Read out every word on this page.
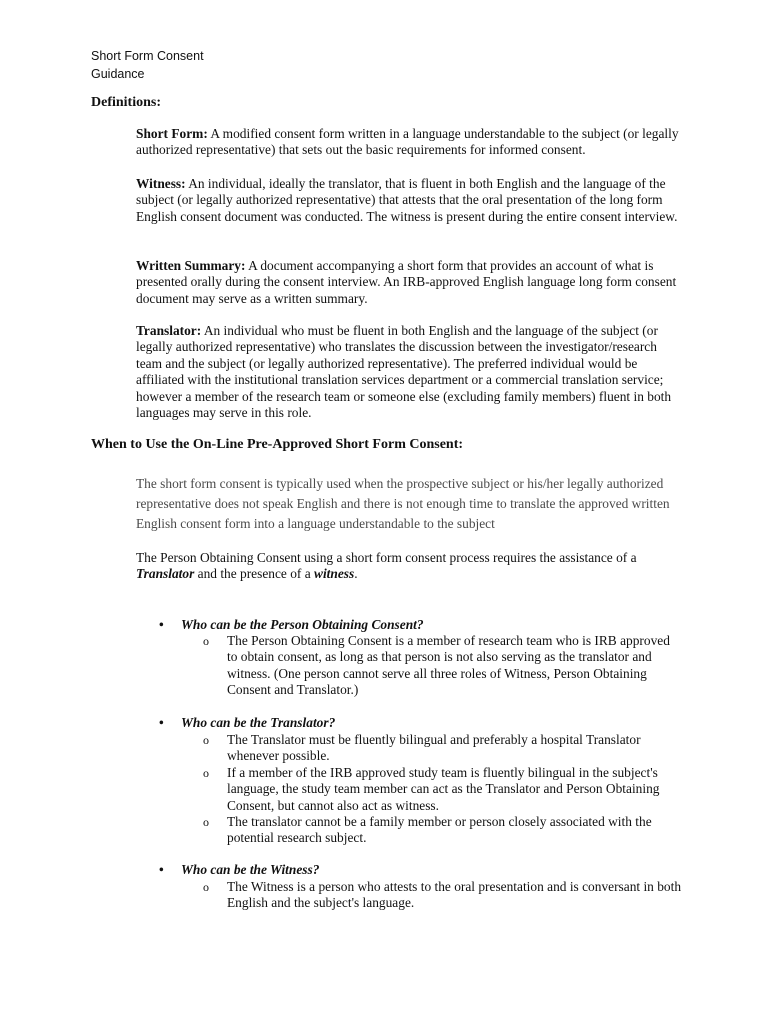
Short Form Consent
Guidance
Definitions:
Short Form: A modified consent form written in a language understandable to the subject (or legally authorized representative) that sets out the basic requirements for informed consent.
Witness: An individual, ideally the translator, that is fluent in both English and the language of the subject (or legally authorized representative) that attests that the oral presentation of the long form English consent document was conducted. The witness is present during the entire consent interview.
Written Summary: A document accompanying a short form that provides an account of what is presented orally during the consent interview. An IRB-approved English language long form consent document may serve as a written summary.
Translator: An individual who must be fluent in both English and the language of the subject (or legally authorized representative) who translates the discussion between the investigator/research team and the subject (or legally authorized representative). The preferred individual would be affiliated with the institutional translation services department or a commercial translation service; however a member of the research team or someone else (excluding family members) fluent in both languages may serve in this role.
When to Use the On-Line Pre-Approved Short Form Consent:
The short form consent is typically used when the prospective subject or his/her legally authorized representative does not speak English and there is not enough time to translate the approved written English consent form into a language understandable to the subject
The Person Obtaining Consent using a short form consent process requires the assistance of a Translator and the presence of a witness.
• Who can be the Person Obtaining Consent?
o The Person Obtaining Consent is a member of research team who is IRB approved to obtain consent, as long as that person is not also serving as the translator and witness. (One person cannot serve all three roles of Witness, Person Obtaining Consent and Translator.)
• Who can be the Translator?
o The Translator must be fluently bilingual and preferably a hospital Translator whenever possible.
o If a member of the IRB approved study team is fluently bilingual in the subject's language, the study team member can act as the Translator and Person Obtaining Consent, but cannot also act as witness.
o The translator cannot be a family member or person closely associated with the potential research subject.
• Who can be the Witness?
o The Witness is a person who attests to the oral presentation and is conversant in both English and the subject's language.
